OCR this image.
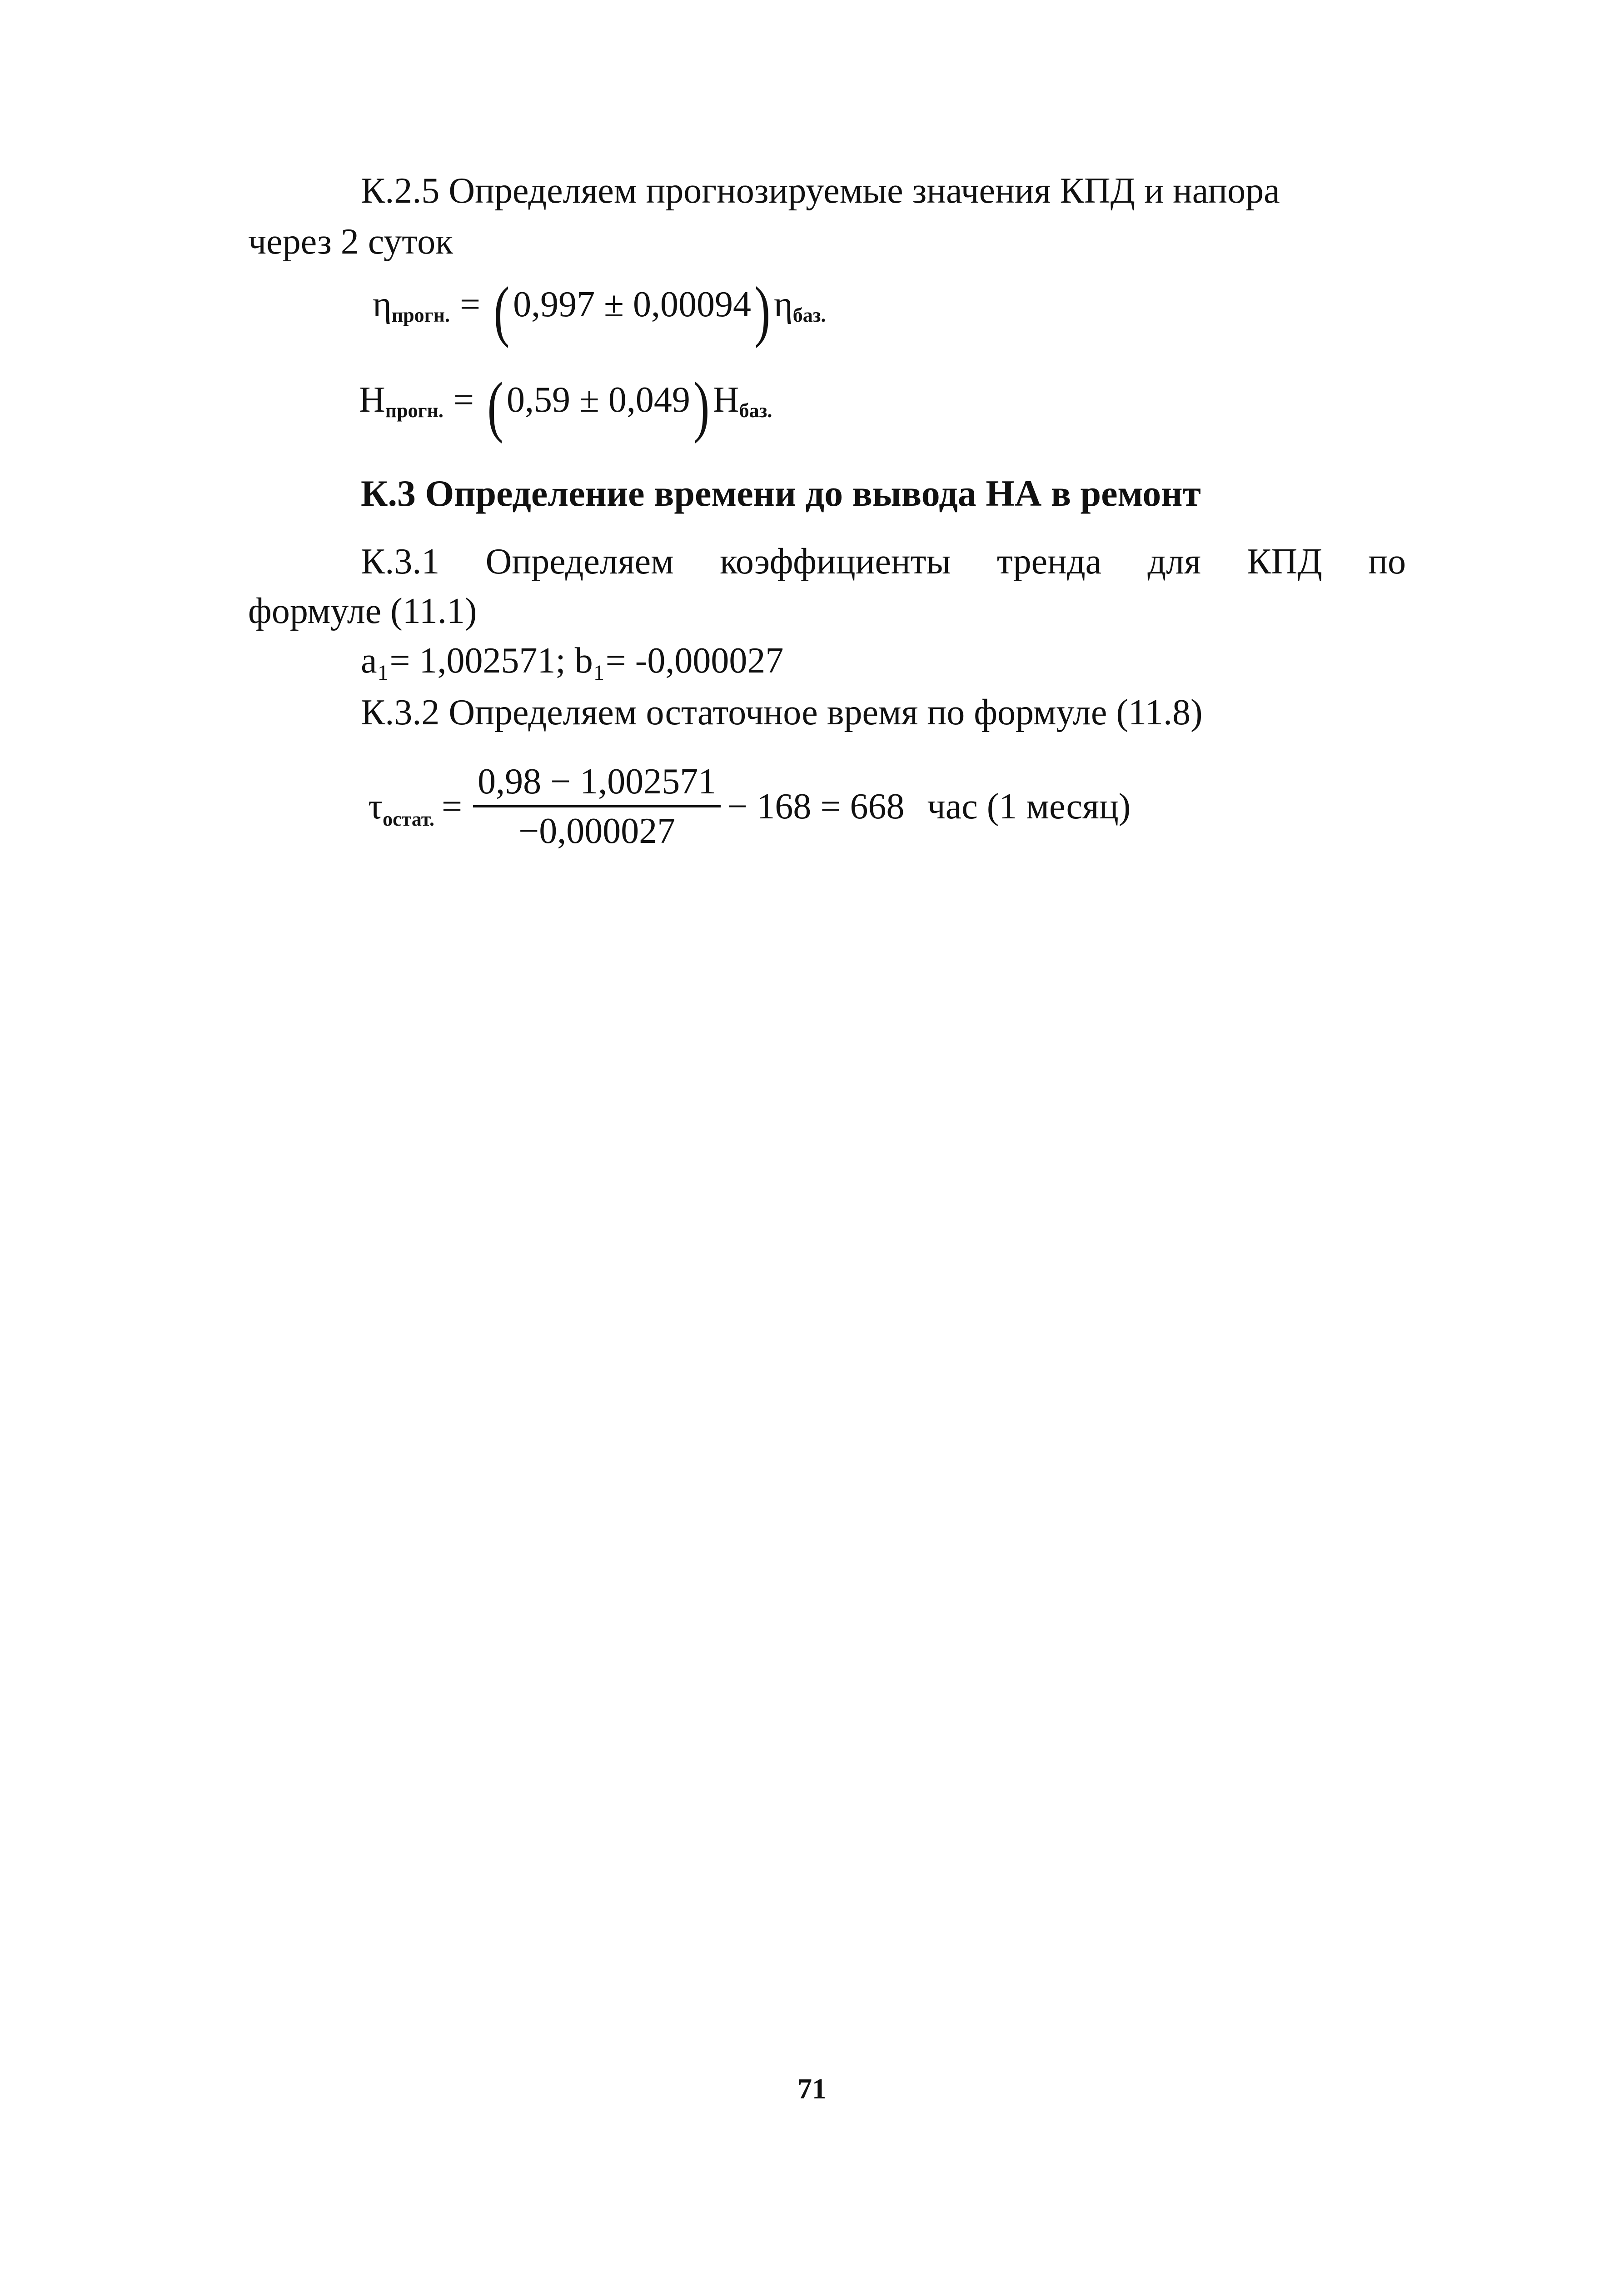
К.2.5 Определяем прогнозируемые значения КПД и напора
через 2 суток
η прогн. = ( 0,997 ± 0,00094 ) η баз.
H прогн. = ( 0,59 ± 0,049 ) H баз.
К.3 Определение времени до вывода НА в ремонт
К.3.1 Определяем коэффициенты тренда для КПД по
формуле (11.1)
a₁= 1,002571; b₁= -0,000027
К.3.2 Определяем остаточное время по формуле (11.8)
τ остат. =
0,98 − 1,002571
−0,000027
− 168 = 668 час (1 месяц)
71
